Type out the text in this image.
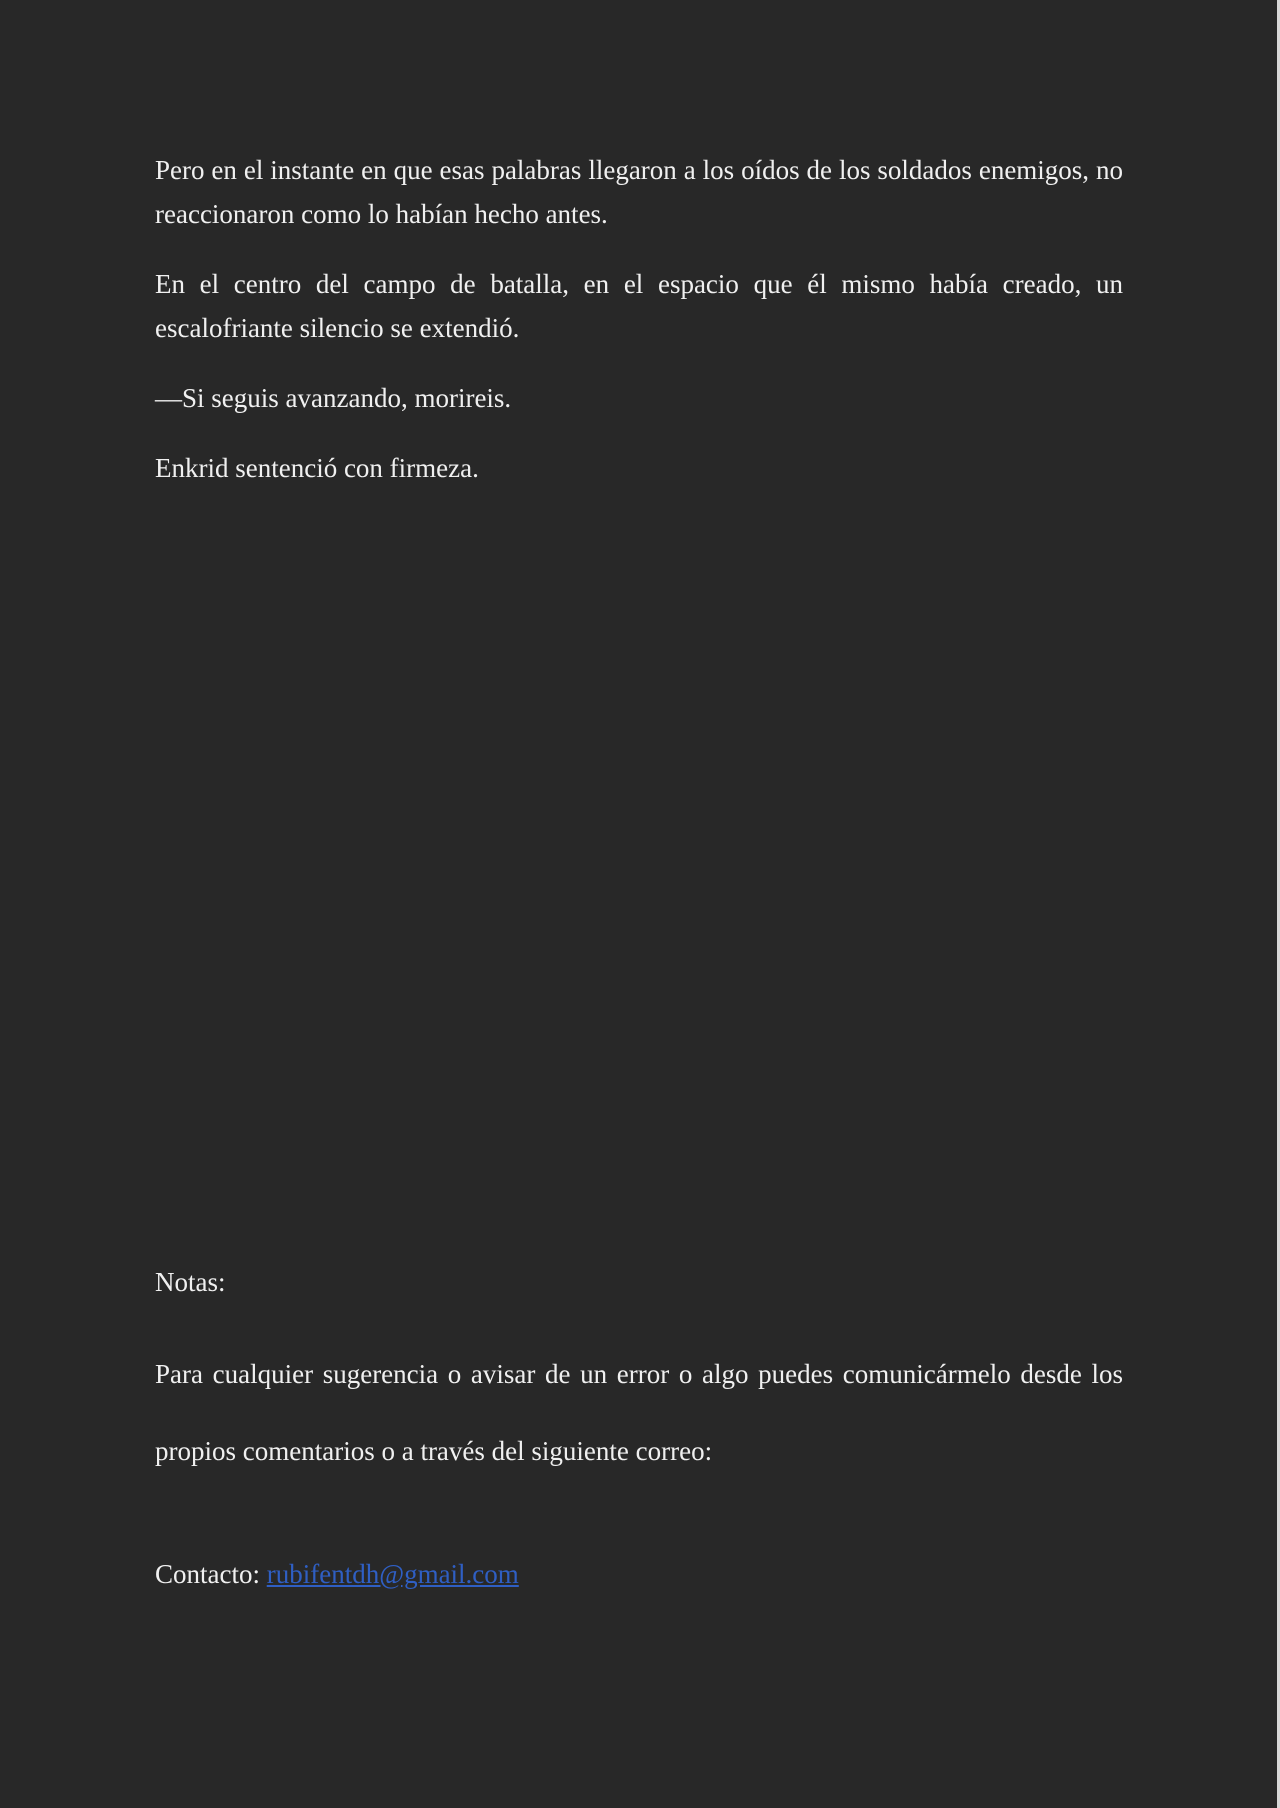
Pero en el instante en que esas palabras llegaron a los oídos de los soldados enemigos, no reaccionaron como lo habían hecho antes.

En el centro del campo de batalla, en el espacio que él mismo había creado, un escalofriante silencio se extendió.

—Si seguis avanzando, morireis.

Enkrid sentenció con firmeza.

Notas:

Para cualquier sugerencia o avisar de un error o algo puedes comunicármelo desde los propios comentarios o a través del siguiente correo:

Contacto: rubifentdh@gmail.com
